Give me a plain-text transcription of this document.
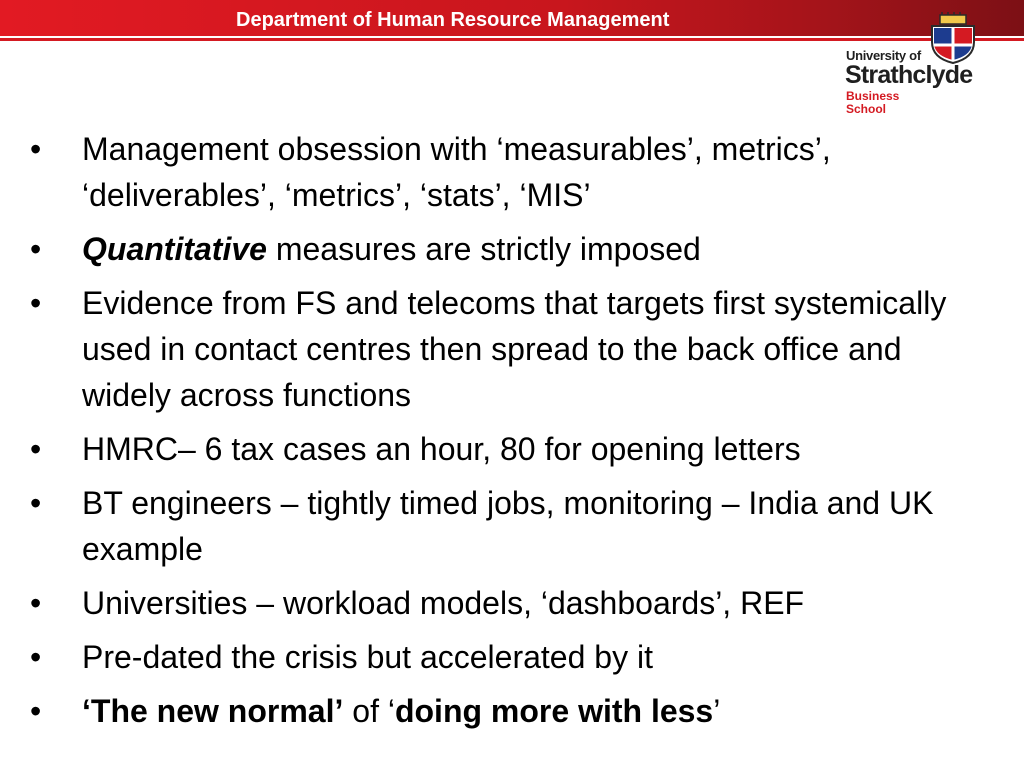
Department of Human Resource Management
University of
Strathclyde
Business
School
• Management obsession with ‘measurables’, metrics’, ‘deliverables’, ‘metrics’, ‘stats’, ‘MIS’
• Quantitative measures are strictly imposed
• Evidence from FS and telecoms that targets first systemically used in contact centres then spread to the back office and widely across functions
• HMRC– 6 tax cases an hour, 80 for opening letters
• BT engineers – tightly timed jobs, monitoring – India and UK example
• Universities – workload models, ‘dashboards’, REF
• Pre-dated the crisis but accelerated by it
• ‘The new normal’ of ‘doing more with less’
